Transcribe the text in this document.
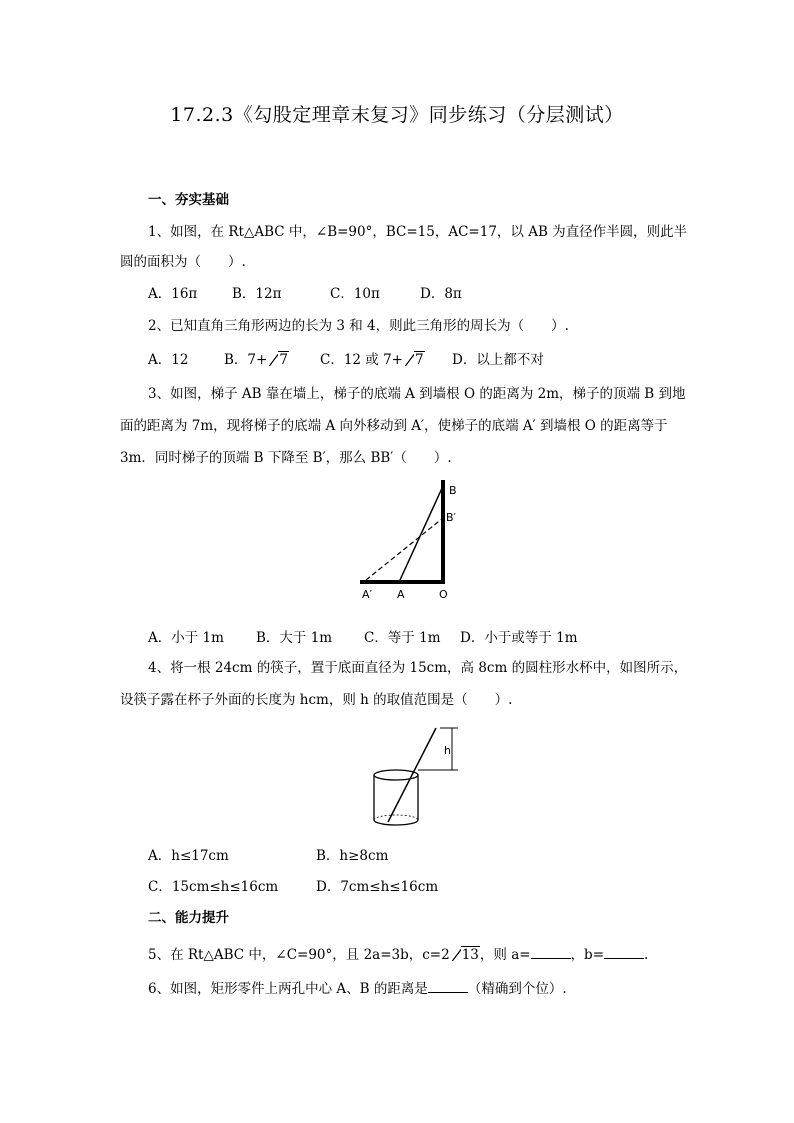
17.2.3《勾股定理章末复习》同步练习（分层测试）
一、夯实基础
1、如图，在 Rt△ABC 中，∠B=90°，BC=15，AC=17，以 AB 为直径作半圆，则此半
圆的面积为（　　）.
A．16π	B．12π	C．10π	D．8π
2、已知直角三角形两边的长为 3 和 4，则此三角形的周长为（　　）.
A．12	B．7+ 7 C．12 或 7+ 7 D．以上都不对
3、如图，梯子 AB 靠在墙上，梯子的底端 A 到墙根 O 的距离为 2m，梯子的顶端 B 到地
面的距离为 7m，现将梯子的底端 A 向外移动到 A′，使梯子的底端 A′ 到墙根 O 的距离等于
3m．同时梯子的顶端 B 下降至 B′，那么 BB′（　　）.
B
B′
A′ A	O
A．小于 1m B．大于 1m C．等于 1m D．小于或等于 1m
4、将一根 24cm 的筷子，置于底面直径为 15cm，高 8cm 的圆柱形水杯中，如图所示，
设筷子露在杯子外面的长度为 hcm，则 h 的取值范围是（　　）.
h
A．h≤17cm	B．h≥8cm
C．15cm≤h≤16cm	D．7cm≤h≤16cm
二、能力提升
5、在 Rt△ABC 中，∠C=90°，且 2a=3b，c=2 13，则 a=	，b=	.
6、如图，矩形零件上两孔中心 A、B 的距离是	（精确到个位）.
